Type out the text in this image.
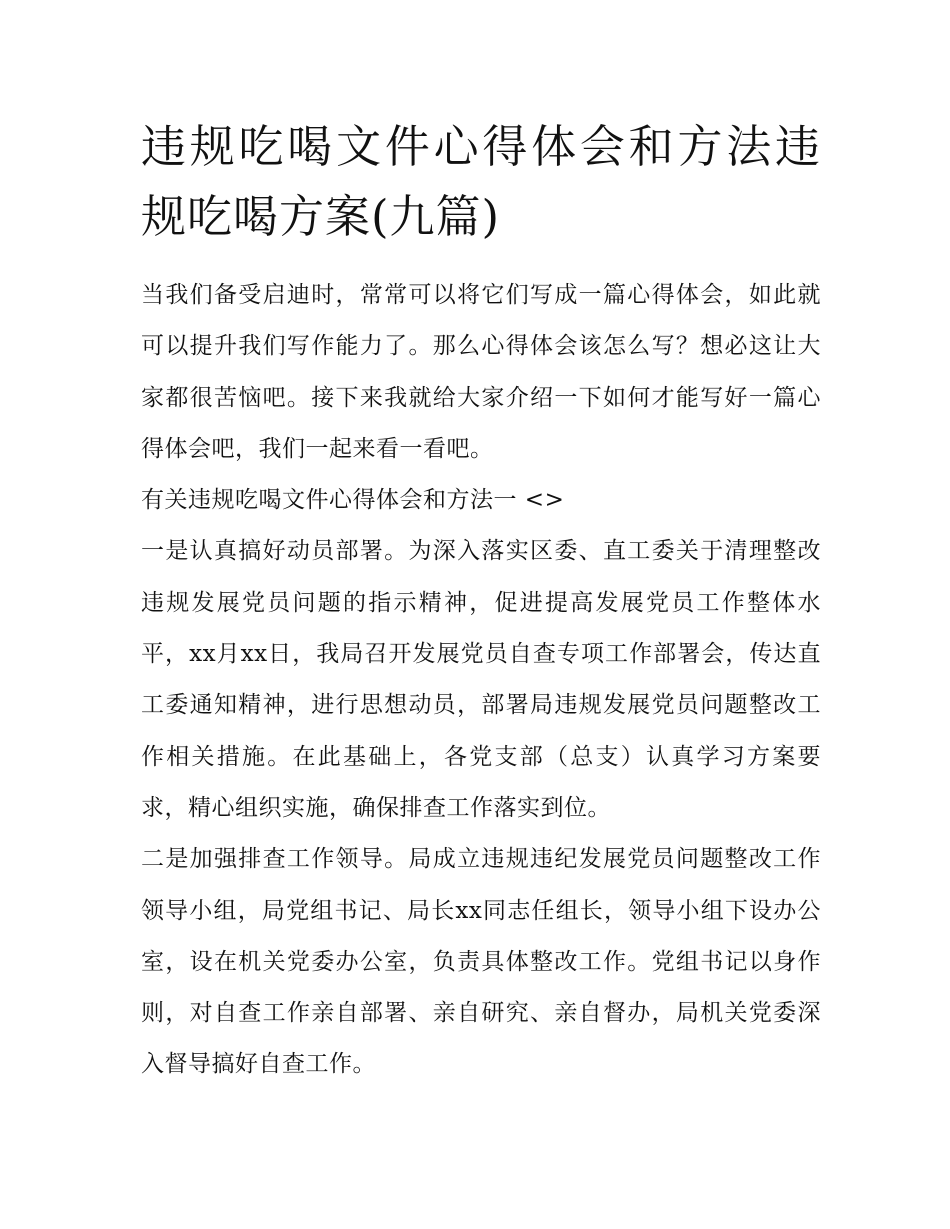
违规吃喝文件心得体会和方法违规吃喝方案(九篇)

当我们备受启迪时，常常可以将它们写成一篇心得体会，如此就可以提升我们写作能力了。那么心得体会该怎么写？想必这让大家都很苦恼吧。接下来我就给大家介绍一下如何才能写好一篇心得体会吧，我们一起来看一看吧。

有关违规吃喝文件心得体会和方法一 <>

一是认真搞好动员部署。为深入落实区委、直工委关于清理整改违规发展党员问题的指示精神，促进提高发展党员工作整体水平，xx月xx日，我局召开发展党员自查专项工作部署会，传达直工委通知精神，进行思想动员，部署局违规发展党员问题整改工作相关措施。在此基础上，各党支部（总支）认真学习方案要求，精心组织实施，确保排查工作落实到位。

二是加强排查工作领导。局成立违规违纪发展党员问题整改工作领导小组，局党组书记、局长xx同志任组长，领导小组下设办公室，设在机关党委办公室，负责具体整改工作。党组书记以身作则，对自查工作亲自部署、亲自研究、亲自督办，局机关党委深入督导搞好自查工作。
